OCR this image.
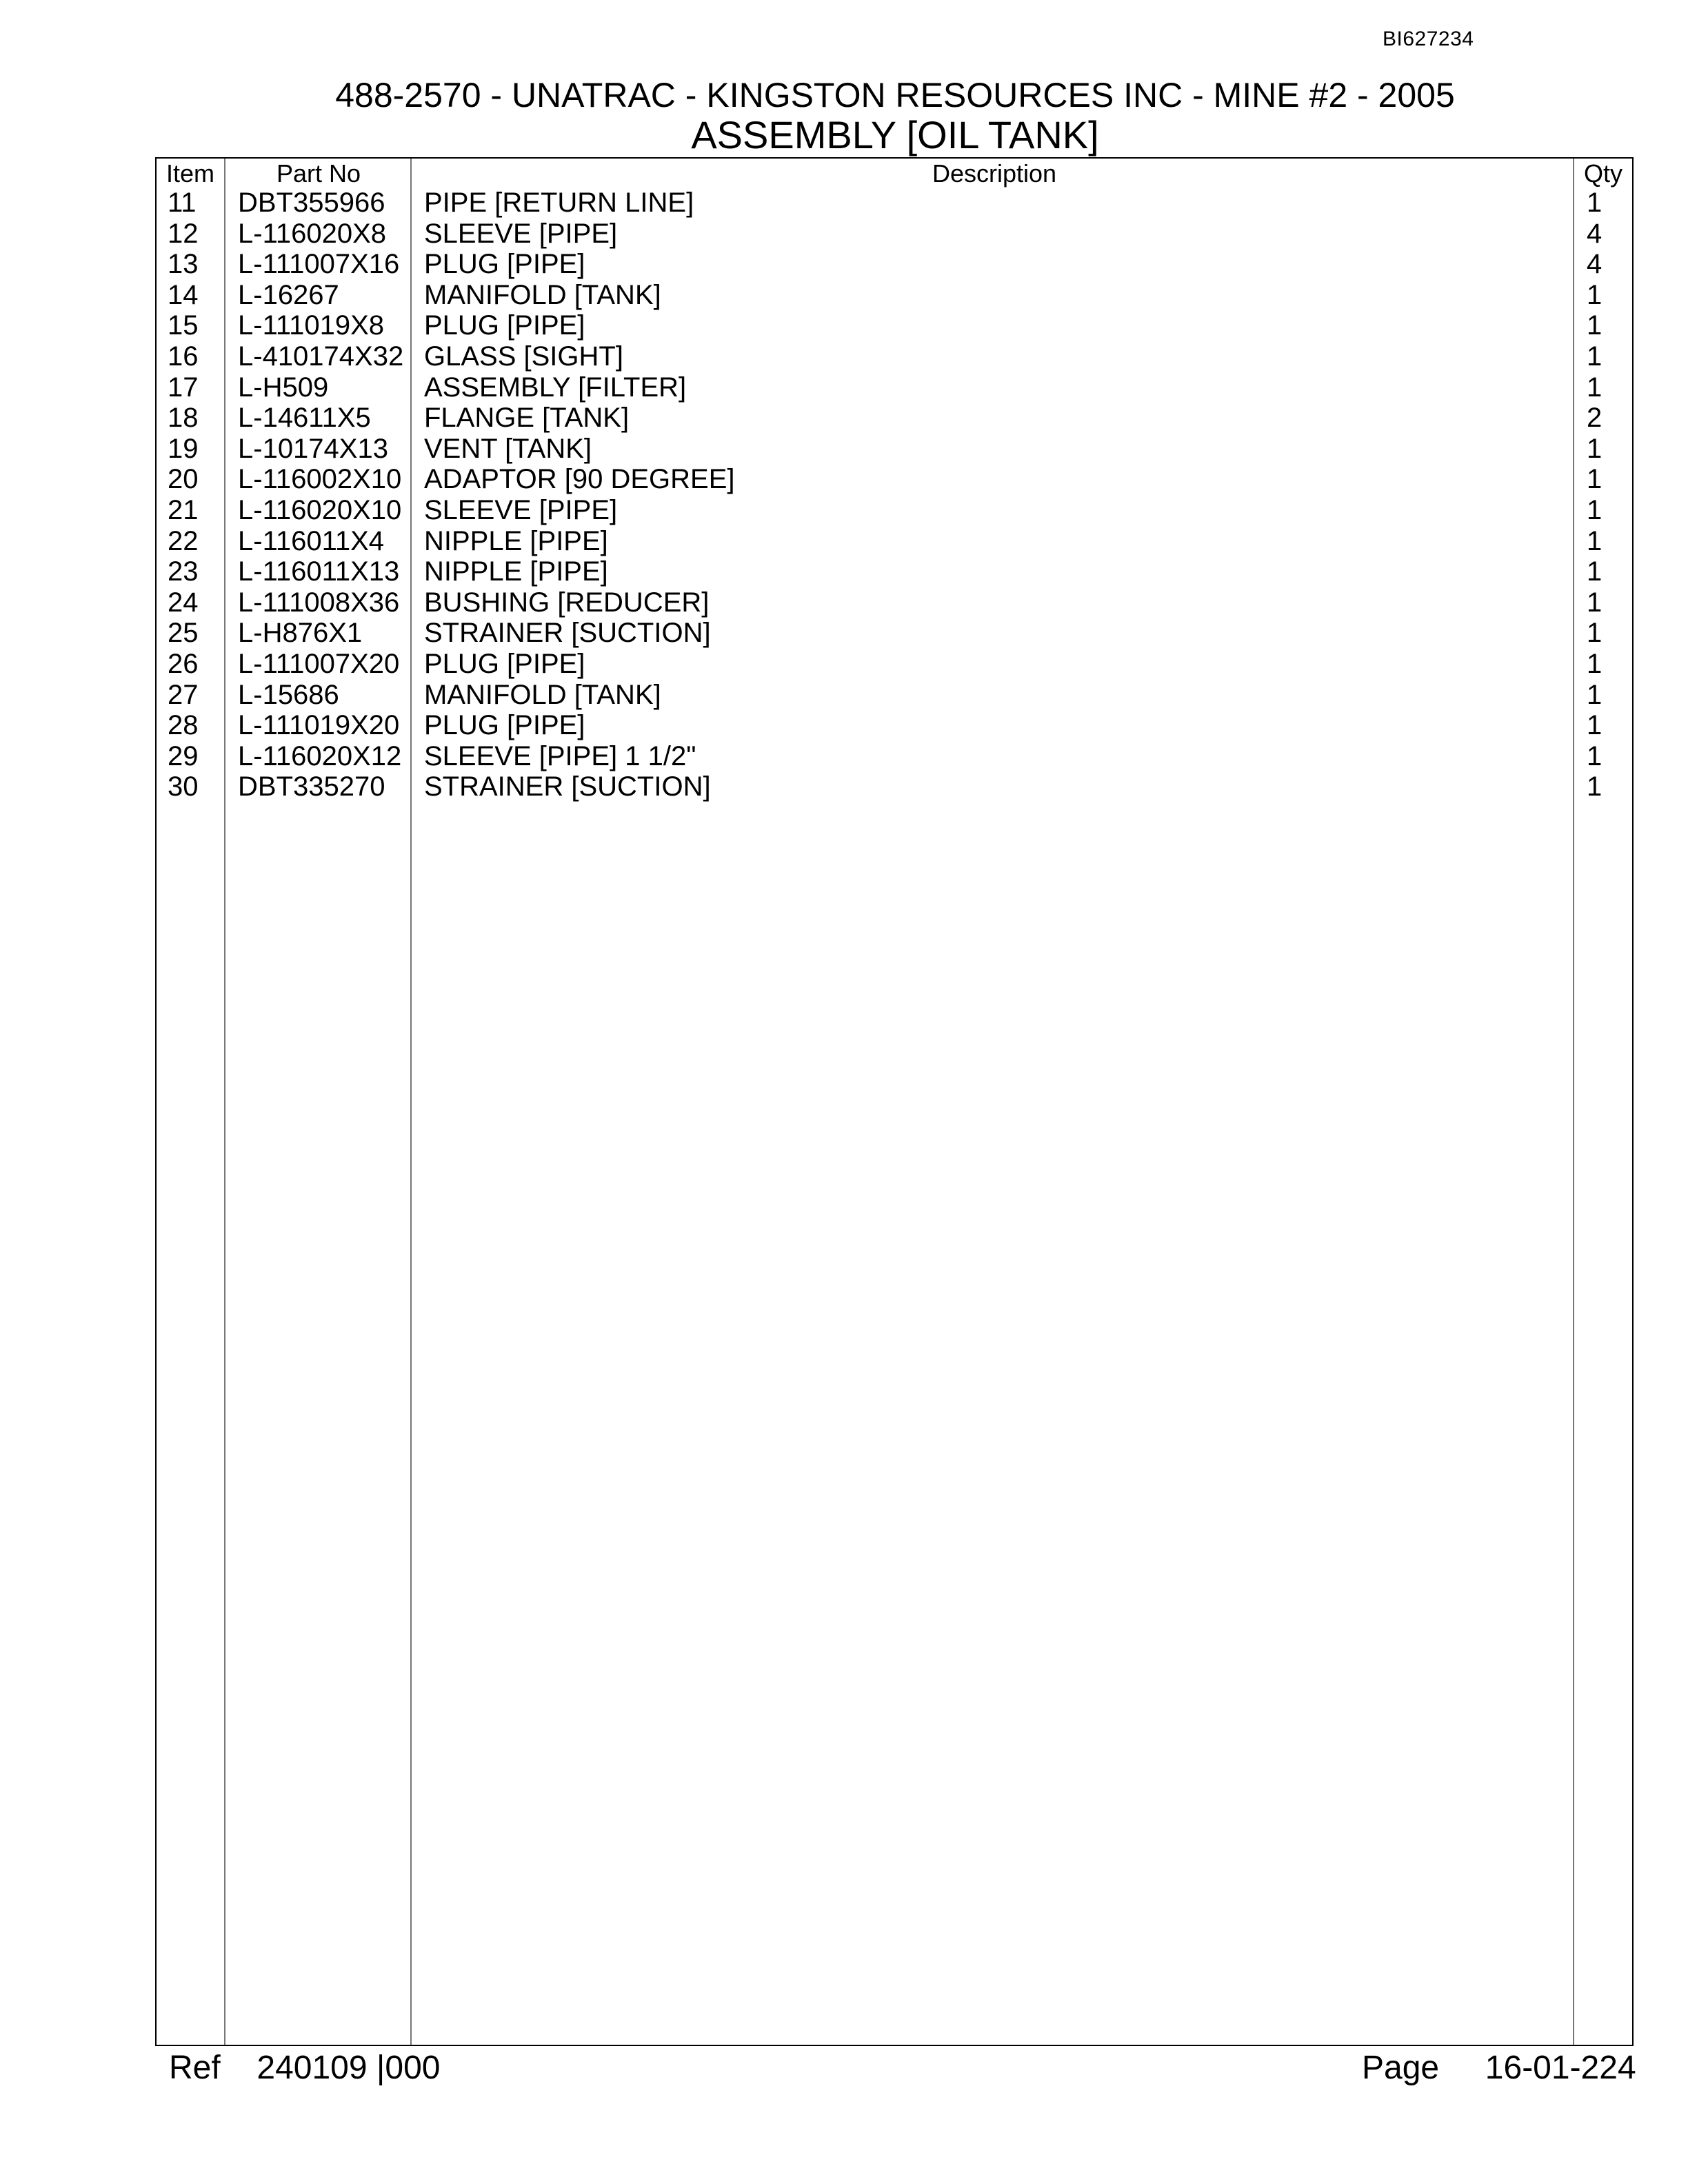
BI627234
488-2570 - UNATRAC - KINGSTON RESOURCES INC - MINE #2 - 2005
ASSEMBLY [OIL TANK]
Item Part No	Description	Qty
11 DBT355966 PIPE [RETURN LINE]	1
12 L-116020X8 SLEEVE [PIPE]	4
13 L-111007X16 PLUG [PIPE]	4
14 L-16267	MANIFOLD [TANK]	1
15 L-111019X8 PLUG [PIPE]	1
16 L-410174X32 GLASS [SIGHT]	1
17 L-H509	ASSEMBLY [FILTER]	1
18 L-14611X5 FLANGE [TANK]	2
19 L-10174X13 VENT [TANK]	1
20 L-116002X10 ADAPTOR [90 DEGREE]	1
21 L-116020X10 SLEEVE [PIPE]	1
22 L-116011X4 NIPPLE [PIPE]	1
23 L-116011X13 NIPPLE [PIPE]	1
24 L-111008X36 BUSHING [REDUCER]	1
25 L-H876X1 STRAINER [SUCTION]	1
26 L-111007X20 PLUG [PIPE]	1
27 L-15686	MANIFOLD [TANK]	1
28 L-111019X20 PLUG [PIPE]	1
29 L-116020X12 SLEEVE [PIPE] 1 1/2"	1
30 DBT335270 STRAINER [SUCTION]	1
Ref 240109 |000	Page 16-01-224
